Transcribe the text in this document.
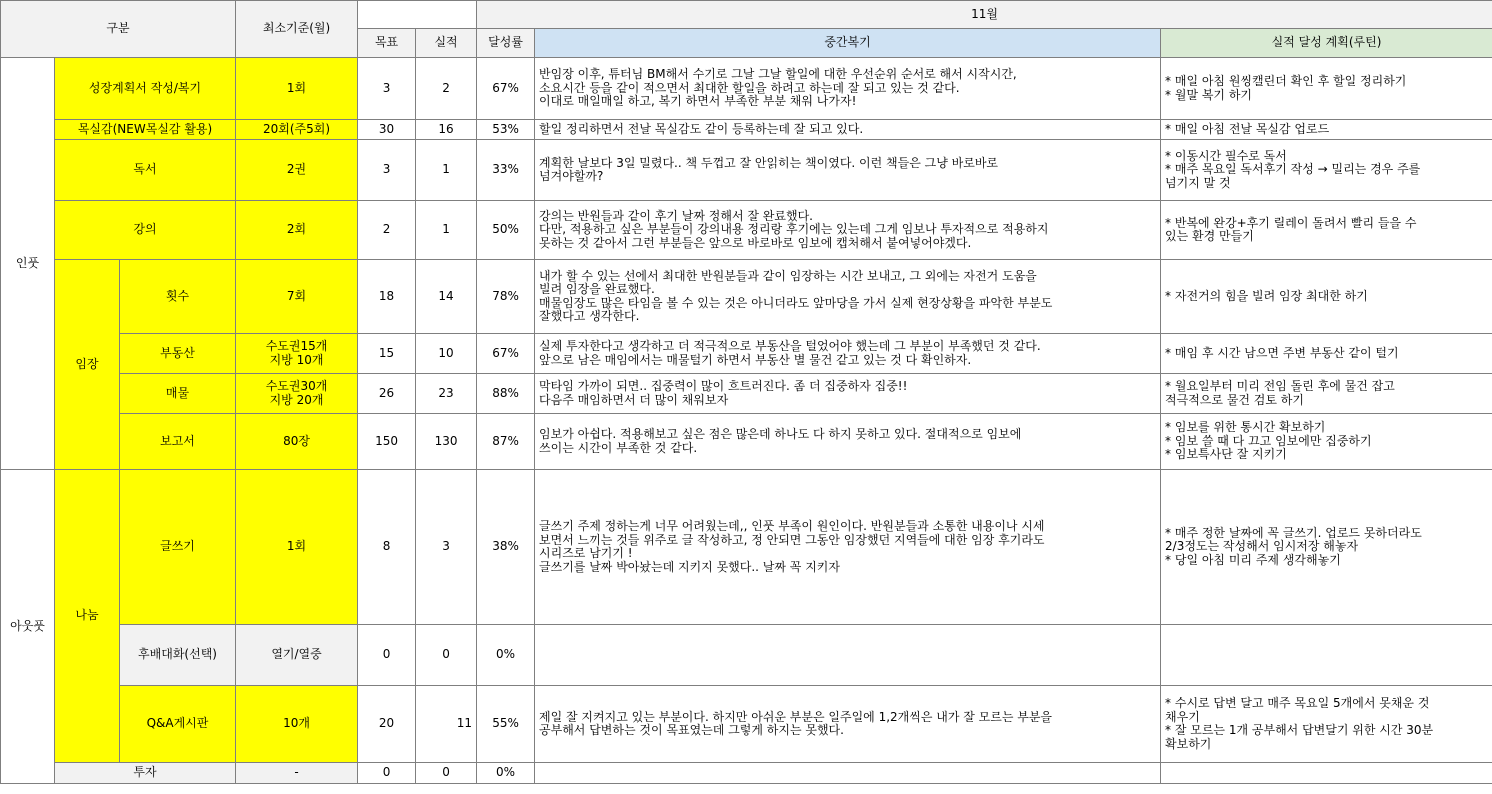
구분			최소기준(월)			11월		
				목표	실적	달성률	중간복기	실적 달성 계획(루틴)
인풋	성장계획서 작성/복기		1회	3	2	67%	반임장 이후, 튜터님 BM해서 수기로 그날 그날 할일에 대한 우선순위 순서로 해서 시작시간,
소요시간 등을 같이 적으면서 최대한 할일을 하려고 하는데 잘 되고 있는 것 같다.
이대로 매일매일 하고, 복기 하면서 부족한 부분 채워 나가자!	* 매일 아침 원씽캘린더 확인 후 할일 정리하기
* 월말 복기 하기
	목실감(NEW목실감 활용)		20회(주5회)	30	16	53%	할일 정리하면서 전날 목실감도 같이 등록하는데 잘 되고 있다.	* 매일 아침 전날 목실감 업로드
	독서		2권	3	1	33%	계획한 날보다 3일 밀렸다.. 책 두껍고 잘 안읽히는 책이였다. 이런 책들은 그냥 바로바로
넘겨야할까?	* 이동시간 필수로 독서
* 매주 목요일 독서후기 작성 → 밀리는 경우 주를
넘기지 말 것
	강의		2회	2	1	50%	강의는 반원들과 같이 후기 날짜 정해서 잘 완료했다.
다만, 적용하고 싶은 부분들이 강의내용 정리랑 후기에는 있는데 그게 임보나 투자적으로 적용하지
못하는 것 같아서 그런 부분들은 앞으로 바로바로 임보에 캡처해서 붙여넣어야겠다.	* 반복에 완강+후기 릴레이 돌려서 빨리 들을 수
있는 환경 만들기
	임장	횟수	7회	18	14	78%	내가 할 수 있는 선에서 최대한 반원분들과 같이 임장하는 시간 보내고, 그 외에는 자전거 도움을
빌려 임장을 완료했다.
매물임장도 많은 타임을 볼 수 있는 것은 아니더라도 앞마당을 가서 실제 현장상황을 파악한 부분도
잘했다고 생각한다.	* 자전거의 힘을 빌려 임장 최대한 하기
		부동산	수도권15개
지방 10개	15	10	67%	실제 투자한다고 생각하고 더 적극적으로 부동산을 털었어야 했는데 그 부분이 부족했던 것 같다.
앞으로 남은 매임에서는 매물털기 하면서 부동산 별 물건 같고 있는 것 다 확인하자.	* 매임 후 시간 남으면 주변 부동산 같이 털기
		매물	수도권30개
지방 20개	26	23	88%	막타임 가까이 되면.. 집중력이 많이 흐트러진다. 좀 더 집중하자 집중!!
다음주 매임하면서 더 많이 채워보자	* 월요일부터 미리 전임 돌린 후에 물건 잡고
적극적으로 물건 검토 하기
		보고서	80장	150	130	87%	임보가 아쉽다. 적용해보고 싶은 점은 많은데 하나도 다 하지 못하고 있다. 절대적으로 임보에
쓰이는 시간이 부족한 것 같다.	* 임보를 위한 통시간 확보하기
* 임보 쓸 때 다 끄고 임보에만 집중하기
* 임보특사단 잘 지키기
아웃풋	나눔	글쓰기	1회	8	3	38%	글쓰기 주제 정하는게 너무 어려웠는데,, 인풋 부족이 원인이다. 반원분들과 소통한 내용이나 시세
보면서 느끼는 것들 위주로 글 작성하고, 정 안되면 그동안 임장했던 지역들에 대한 임장 후기라도
시리즈로 남기기 !
글쓰기를 날짜 박아놨는데 지키지 못했다.. 날짜 꼭 지키자	* 매주 정한 날짜에 꼭 글쓰기. 업로드 못하더라도
2/3정도는 작성해서 임시저장 해놓자
* 당일 아침 미리 주제 생각해놓기
		후배대화(선택)	열기/열중	0	0	0%		
		Q&A게시판	10개	20	11	55%	제일 잘 지켜지고 있는 부분이다. 하지만 아쉬운 부분은 일주일에 1,2개씩은 내가 잘 모르는 부분을
공부해서 답변하는 것이 목표였는데 그렇게 하지는 못했다.	* 수시로 답변 달고 매주 목요일 5개에서 못채운 것
채우기
* 잘 모르는 1개 공부해서 답변달기 위한 시간 30분
확보하기
	투자		-	0	0	0%		
